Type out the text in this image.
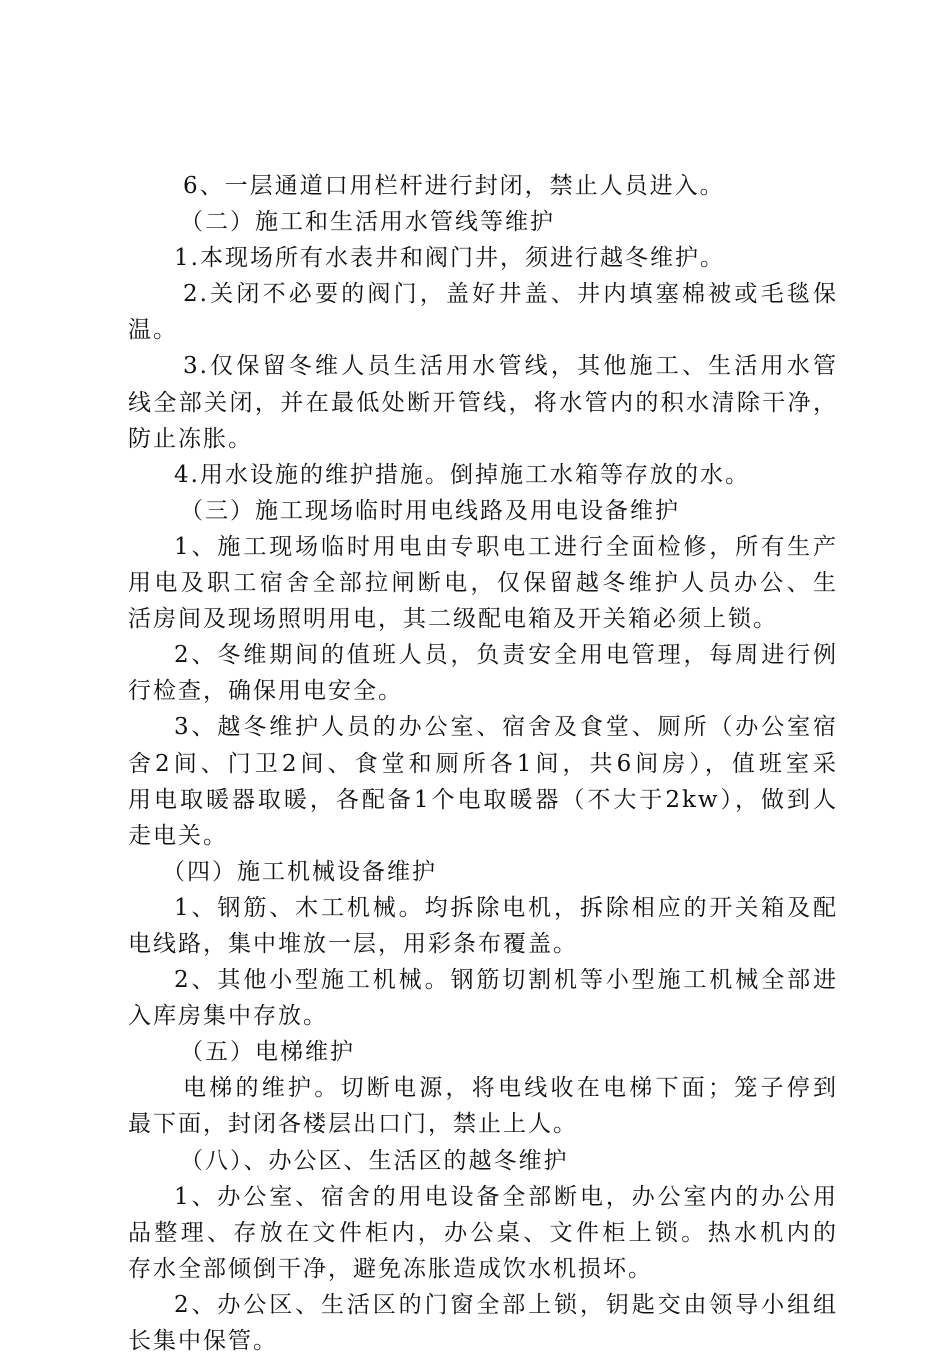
6、一层通道口用栏杆进行封闭，禁止人员进入。
（二）施工和生活用水管线等维护
1.本现场所有水表井和阀门井，须进行越冬维护。
2.关闭不必要的阀门，盖好井盖、井内填塞棉被或毛毯保
温。
3.仅保留冬维人员生活用水管线，其他施工、生活用水管
线全部关闭，并在最低处断开管线，将水管内的积水清除干净，
防止冻胀。
4.用水设施的维护措施。倒掉施工水箱等存放的水。
（三）施工现场临时用电线路及用电设备维护
1、施工现场临时用电由专职电工进行全面检修，所有生产
用电及职工宿舍全部拉闸断电，仅保留越冬维护人员办公、生
活房间及现场照明用电，其二级配电箱及开关箱必须上锁。
2、冬维期间的值班人员，负责安全用电管理，每周进行例
行检查，确保用电安全。
3、越冬维护人员的办公室、宿舍及食堂、厕所（办公室宿
舍2间、门卫2间、食堂和厕所各1间，共6间房），值班室采
用电取暖器取暖，各配备1个电取暖器（不大于2kw），做到人
走电关。
（四）施工机械设备维护
1、钢筋、木工机械。均拆除电机，拆除相应的开关箱及配
电线路，集中堆放一层，用彩条布覆盖。
2、其他小型施工机械。钢筋切割机等小型施工机械全部进
入库房集中存放。
（五）电梯维护
电梯的维护。切断电源，将电线收在电梯下面；笼子停到
最下面，封闭各楼层出口门，禁止上人。
（八）、办公区、生活区的越冬维护
1、办公室、宿舍的用电设备全部断电，办公室内的办公用
品整理、存放在文件柜内，办公桌、文件柜上锁。热水机内的
存水全部倾倒干净，避免冻胀造成饮水机损坏。
2、办公区、生活区的门窗全部上锁，钥匙交由领导小组组
长集中保管。
